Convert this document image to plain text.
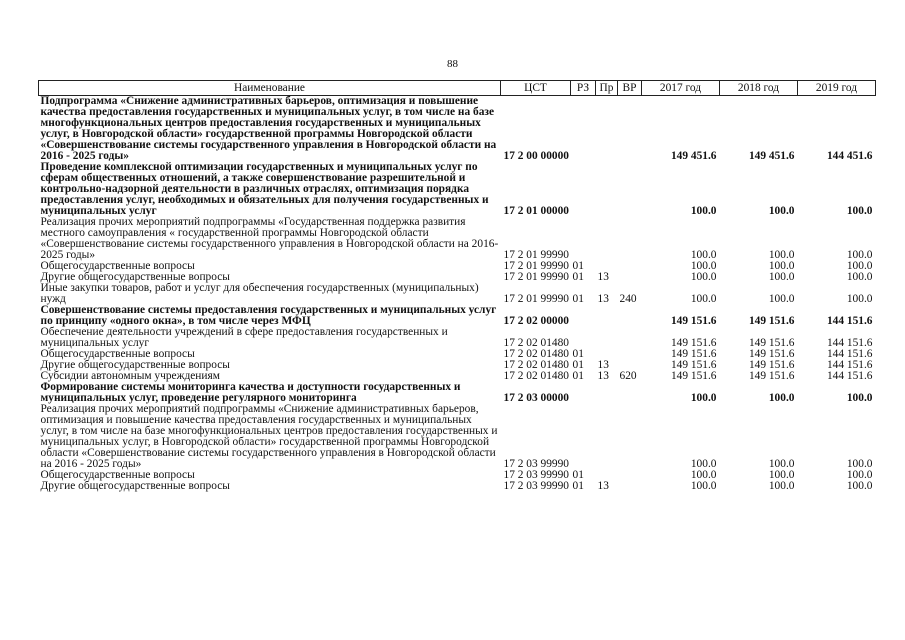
88
Наименование	ЦСТ	РЗ	Пр	ВР	2017 год	2018 год	2019 год
Подпрограмма «Снижение административных барьеров, оптимизация и повышение качества предоставления государственных и муниципальных услуг, в том числе на базе многофункциональных центров предоставления государственных и муниципальных услуг, в Новгородской области» государственной программы Новгородской области «Совершенствование системы государственного управления в Новгородской области на 2016 - 2025 годы»	17 2 00 00000				149 451.6	149 451.6	144 451.6
Проведение комплексной оптимизации государственных и муниципальных услуг по сферам общественных отношений, а также совершенствование разрешительной и контрольно-надзорной деятельности в различных отраслях, оптимизация порядка предоставления услуг, необходимых и обязательных для получения государственных и муниципальных услуг	17 2 01 00000				100.0	100.0	100.0
Реализация прочих мероприятий подпрограммы «Государственная поддержка развития местного самоуправления « государственной программы Новгородской области «Совершенствование системы государственного управления в Новгородской области на 2016-2025 годы»	17 2 01 99990				100.0	100.0	100.0
Общегосударственные вопросы	17 2 01 99990	01			100.0	100.0	100.0
Другие общегосударственные вопросы	17 2 01 99990	01	13		100.0	100.0	100.0
Иные закупки товаров, работ и услуг для обеспечения государственных (муниципальных) нужд	17 2 01 99990	01	13	240	100.0	100.0	100.0
Совершенствование системы предоставления государственных и муниципальных услуг по принципу «одного окна», в том числе через МФЦ	17 2 02 00000				149 151.6	149 151.6	144 151.6
Обеспечение деятельности учреждений в сфере предоставления государственных и муниципальных услуг	17 2 02 01480				149 151.6	149 151.6	144 151.6
Общегосударственные вопросы	17 2 02 01480	01			149 151.6	149 151.6	144 151.6
Другие общегосударственные вопросы	17 2 02 01480	01	13		149 151.6	149 151.6	144 151.6
Субсидии автономным учреждениям	17 2 02 01480	01	13	620	149 151.6	149 151.6	144 151.6
Формирование системы мониторинга качества и доступности государственных и муниципальных услуг, проведение регулярного мониторинга	17 2 03 00000				100.0	100.0	100.0
Реализация прочих мероприятий подпрограммы «Снижение административных барьеров, оптимизация и повышение качества предоставления государственных и муниципальных услуг, в том числе на базе многофункциональных центров предоставления государственных и муниципальных услуг, в Новгородской области» государственной программы Новгородской области «Совершенствование системы государственного управления в Новгородской области на 2016 - 2025 годы»	17 2 03 99990				100.0	100.0	100.0
Общегосударственные вопросы	17 2 03 99990	01			100.0	100.0	100.0
Другие общегосударственные вопросы	17 2 03 99990	01	13		100.0	100.0	100.0
